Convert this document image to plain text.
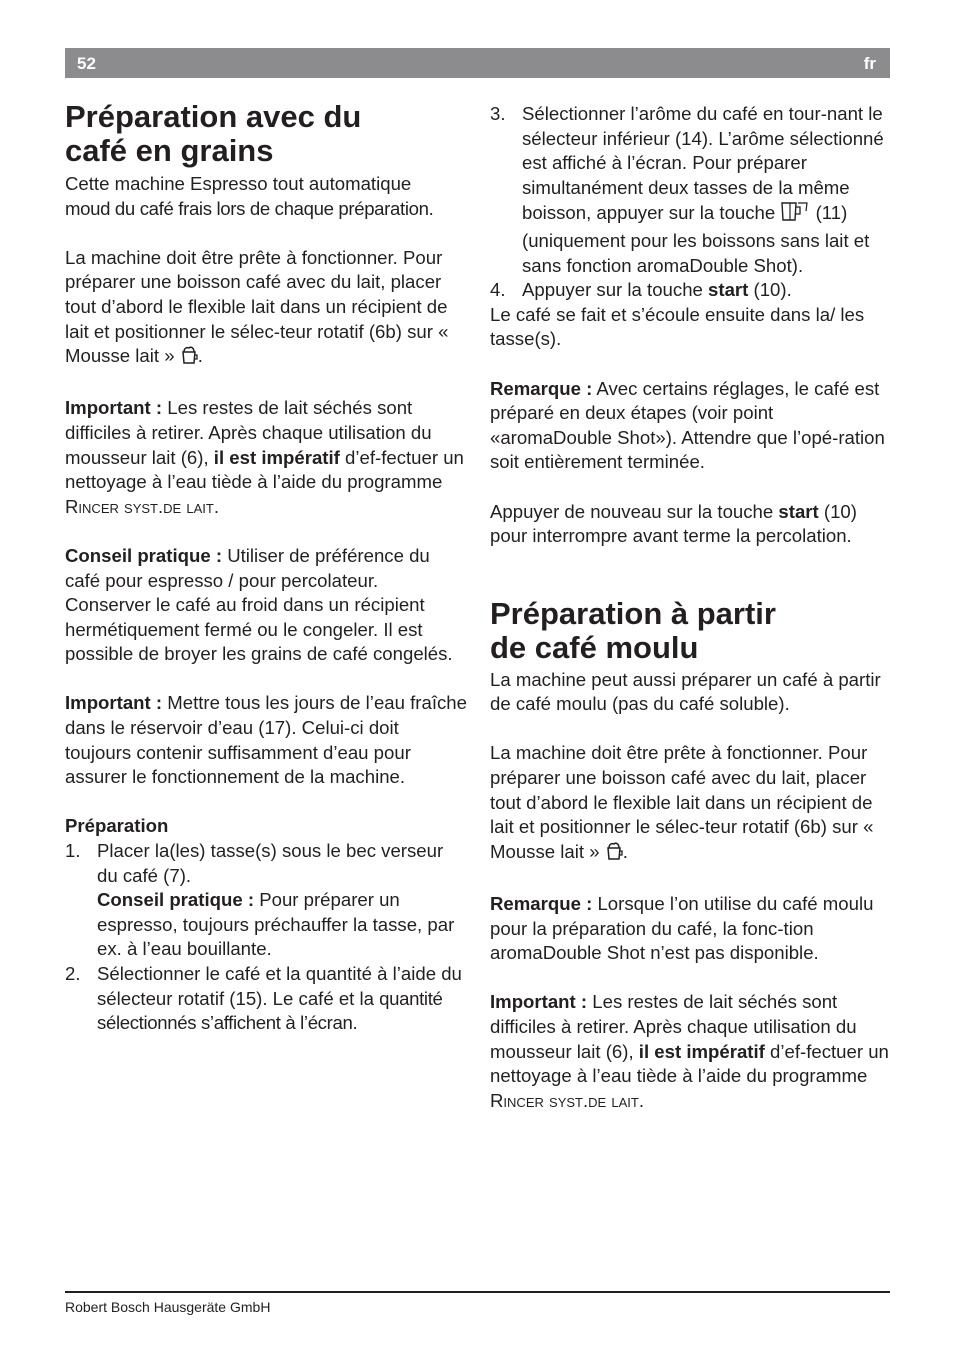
52	fr
Préparation avec du
café en grains

Cette machine Espresso tout automatique
moud du café frais lors de chaque préparation.

La machine doit être prête à fonctionner. Pour préparer une boisson café avec du lait, placer tout d’abord le flexible lait dans un récipient de lait et positionner le sélec-teur rotatif (6b) sur « Mousse lait » .

Important : Les restes de lait séchés sont difficiles à retirer. Après chaque utilisation du mousseur lait (6), il est impératif d’ef-fectuer un nettoyage à l’eau tiède à l’aide du programme Rincer syst.de lait.

Conseil pratique : Utiliser de préférence du café pour espresso / pour percolateur. Conserver le café au froid dans un récipient hermétiquement fermé ou le congeler. Il est possible de broyer les grains de café congelés.

Important : Mettre tous les jours de l’eau fraîche dans le réservoir d’eau (17). Celui-ci doit toujours contenir suffisamment d’eau pour assurer le fonctionnement de la machine.

Préparation

1. Placer la(les) tasse(s) sous le bec verseur du café (7).
Conseil pratique : Pour préparer un espresso, toujours préchauffer la tasse, par ex. à l’eau bouillante.
2. Sélectionner le café et la quantité à l’aide du sélecteur rotatif (15). Le café et la quantité sélectionnés s’affichent à l’écran.
3. Sélectionner l’arôme du café en tour-nant le sélecteur inférieur (14). L’arôme sélectionné est affiché à l’écran. Pour préparer simultanément deux tasses de la même boisson, appuyer sur la touche  (11) (uniquement pour les boissons sans lait et sans fonction aromaDouble Shot).
4. Appuyer sur la touche start (10).

Le café se fait et s’écoule ensuite dans la/ les tasse(s).

Remarque : Avec certains réglages, le café est préparé en deux étapes (voir point «aromaDouble Shot»). Attendre que l’opé-ration soit entièrement terminée.

Appuyer de nouveau sur la touche start (10) pour interrompre avant terme la percolation.

Préparation à partir
de café moulu

La machine peut aussi préparer un café à partir de café moulu (pas du café soluble).

La machine doit être prête à fonctionner. Pour préparer une boisson café avec du lait, placer tout d’abord le flexible lait dans un récipient de lait et positionner le sélec-teur rotatif (6b) sur « Mousse lait » .

Remarque : Lorsque l’on utilise du café moulu pour la préparation du café, la fonc-tion aromaDouble Shot n’est pas disponible.

Important : Les restes de lait séchés sont difficiles à retirer. Après chaque utilisation du mousseur lait (6), il est impératif d’ef-fectuer un nettoyage à l’eau tiède à l’aide du programme Rincer syst.de lait.

Robert Bosch Hausgeräte GmbH
